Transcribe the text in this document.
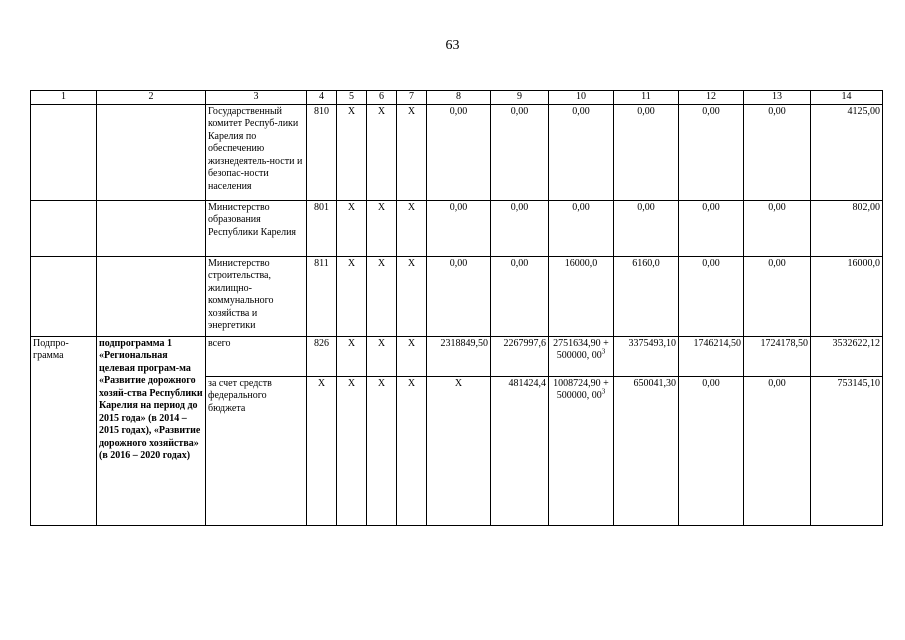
63
1	2	3	4	5	6	7	8	9	10	11	12	13	14
		Государственный комитет Респуб-лики Карелия по обеспечению жизнедеятель-ности и безопас-ности населения	810	Х	Х	Х	0,00	0,00	0,00	0,00	0,00	0,00	4125,00
		Министерство образования Республики Карелия	801	Х	Х	Х	0,00	0,00	0,00	0,00	0,00	0,00	802,00
		Министерство строительства, жилищно-коммунального хозяйства и энергетики	811	Х	Х	Х	0,00	0,00	16000,0	6160,0	0,00	0,00	16000,0
Подпро-грамма	подпрограмма 1 «Региональная целевая програм-ма «Развитие дорожного хозяй-ства Республики Карелия на период до 2015 года» (в 2014 – 2015 годах), «Развитие дорожного хозяйства» (в 2016 – 2020 годах)	всего	826	Х	Х	Х	2318849,50	2267997,6	2751634,90 + 500000, $00^3$	3375493,10	1746214,50	1724178,50	3532622,12
		за счет средств федерального бюджета	Х	Х	Х	Х	Х	481424,4	1008724,90 + 500000, $00^3$	650041,30	0,00	0,00	753145,10
